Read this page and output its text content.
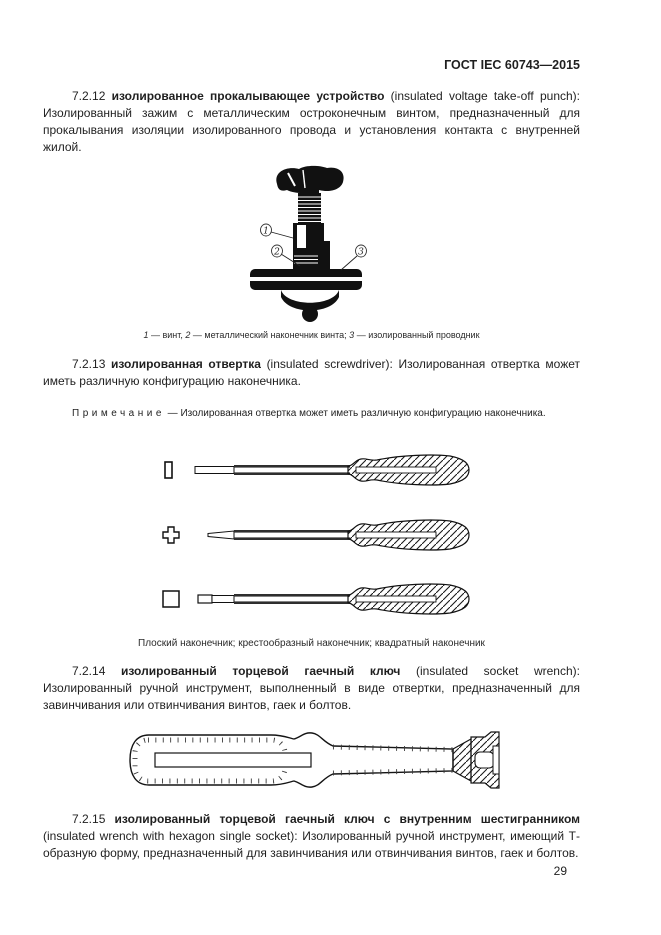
ГОСТ IEC 60743—2015

7.2.12 изолированное прокалывающее устройство (insulated voltage take-off punch): Изолированный зажим с металлическим остроконечным винтом, предназначенный для прокалывания изоляции изолированного провода и установления контакта с внутренней жилой.

1
2	3
1 — винт, 2 — металлический наконечник винта; 3 — изолированный проводник

7.2.13 изолированная отвертка (insulated screwdriver): Изолированная отвертка может иметь различную конфигурацию наконечника.

Примечание — Изолированная отвертка может иметь различную конфигурацию наконечника.

Плоский наконечник; крестообразный наконечник; квадратный наконечник

7.2.14 изолированный торцевой гаечный ключ (insulated socket wrench): Изолированный ручной инструмент, выполненный в виде отвертки, предназначенный для завинчивания или отвинчивания винтов, гаек и болтов.

7.2.15 изолированный торцевой гаечный ключ с внутренним шестигранником (insulated wrench with hexagon single socket): Изолированный ручной инструмент, имеющий Т-образную форму, предназначенный для завинчивания или отвинчивания винтов, гаек и болтов.

29
